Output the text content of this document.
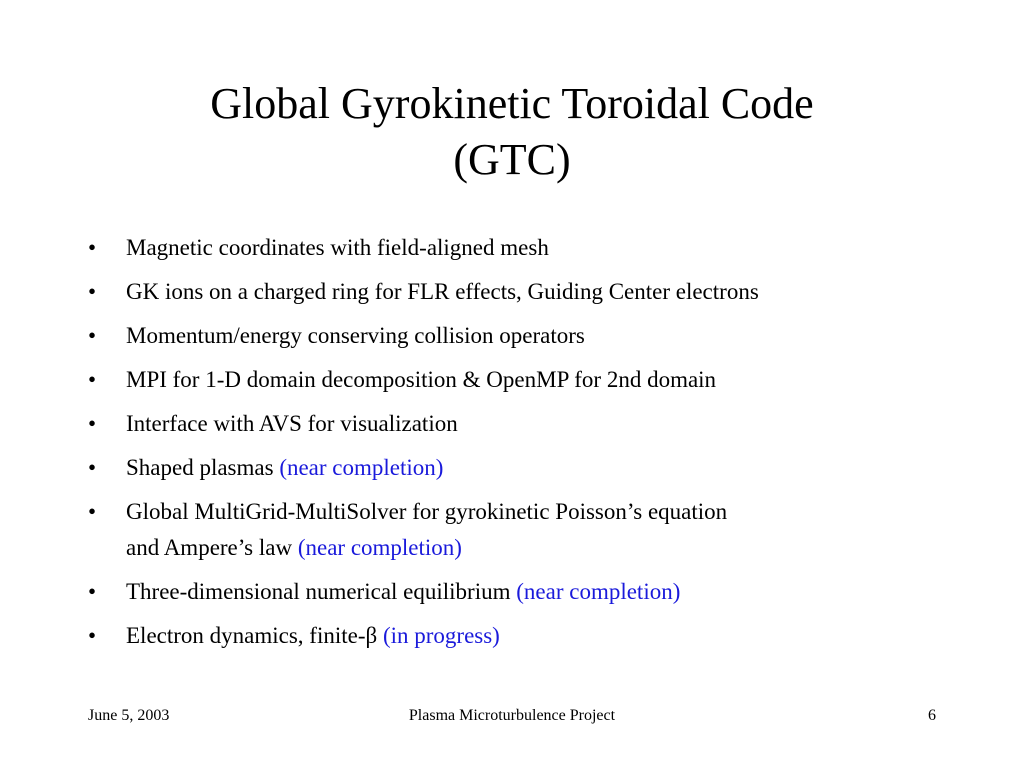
Global Gyrokinetic Toroidal Code
(GTC)
• Magnetic coordinates with field-aligned mesh
• GK ions on a charged ring for FLR effects, Guiding Center electrons
• Momentum/energy conserving collision operators
• MPI for 1-D domain decomposition & OpenMP for 2nd domain
• Interface with AVS for visualization
• Shaped plasmas (near completion)
• Global MultiGrid-MultiSolver for gyrokinetic Poisson’s equation
and Ampere’s law (near completion)
• Three-dimensional numerical equilibrium (near completion)
• Electron dynamics, finite-β (in progress)
June 5, 2003	Plasma Microturbulence Project	6
